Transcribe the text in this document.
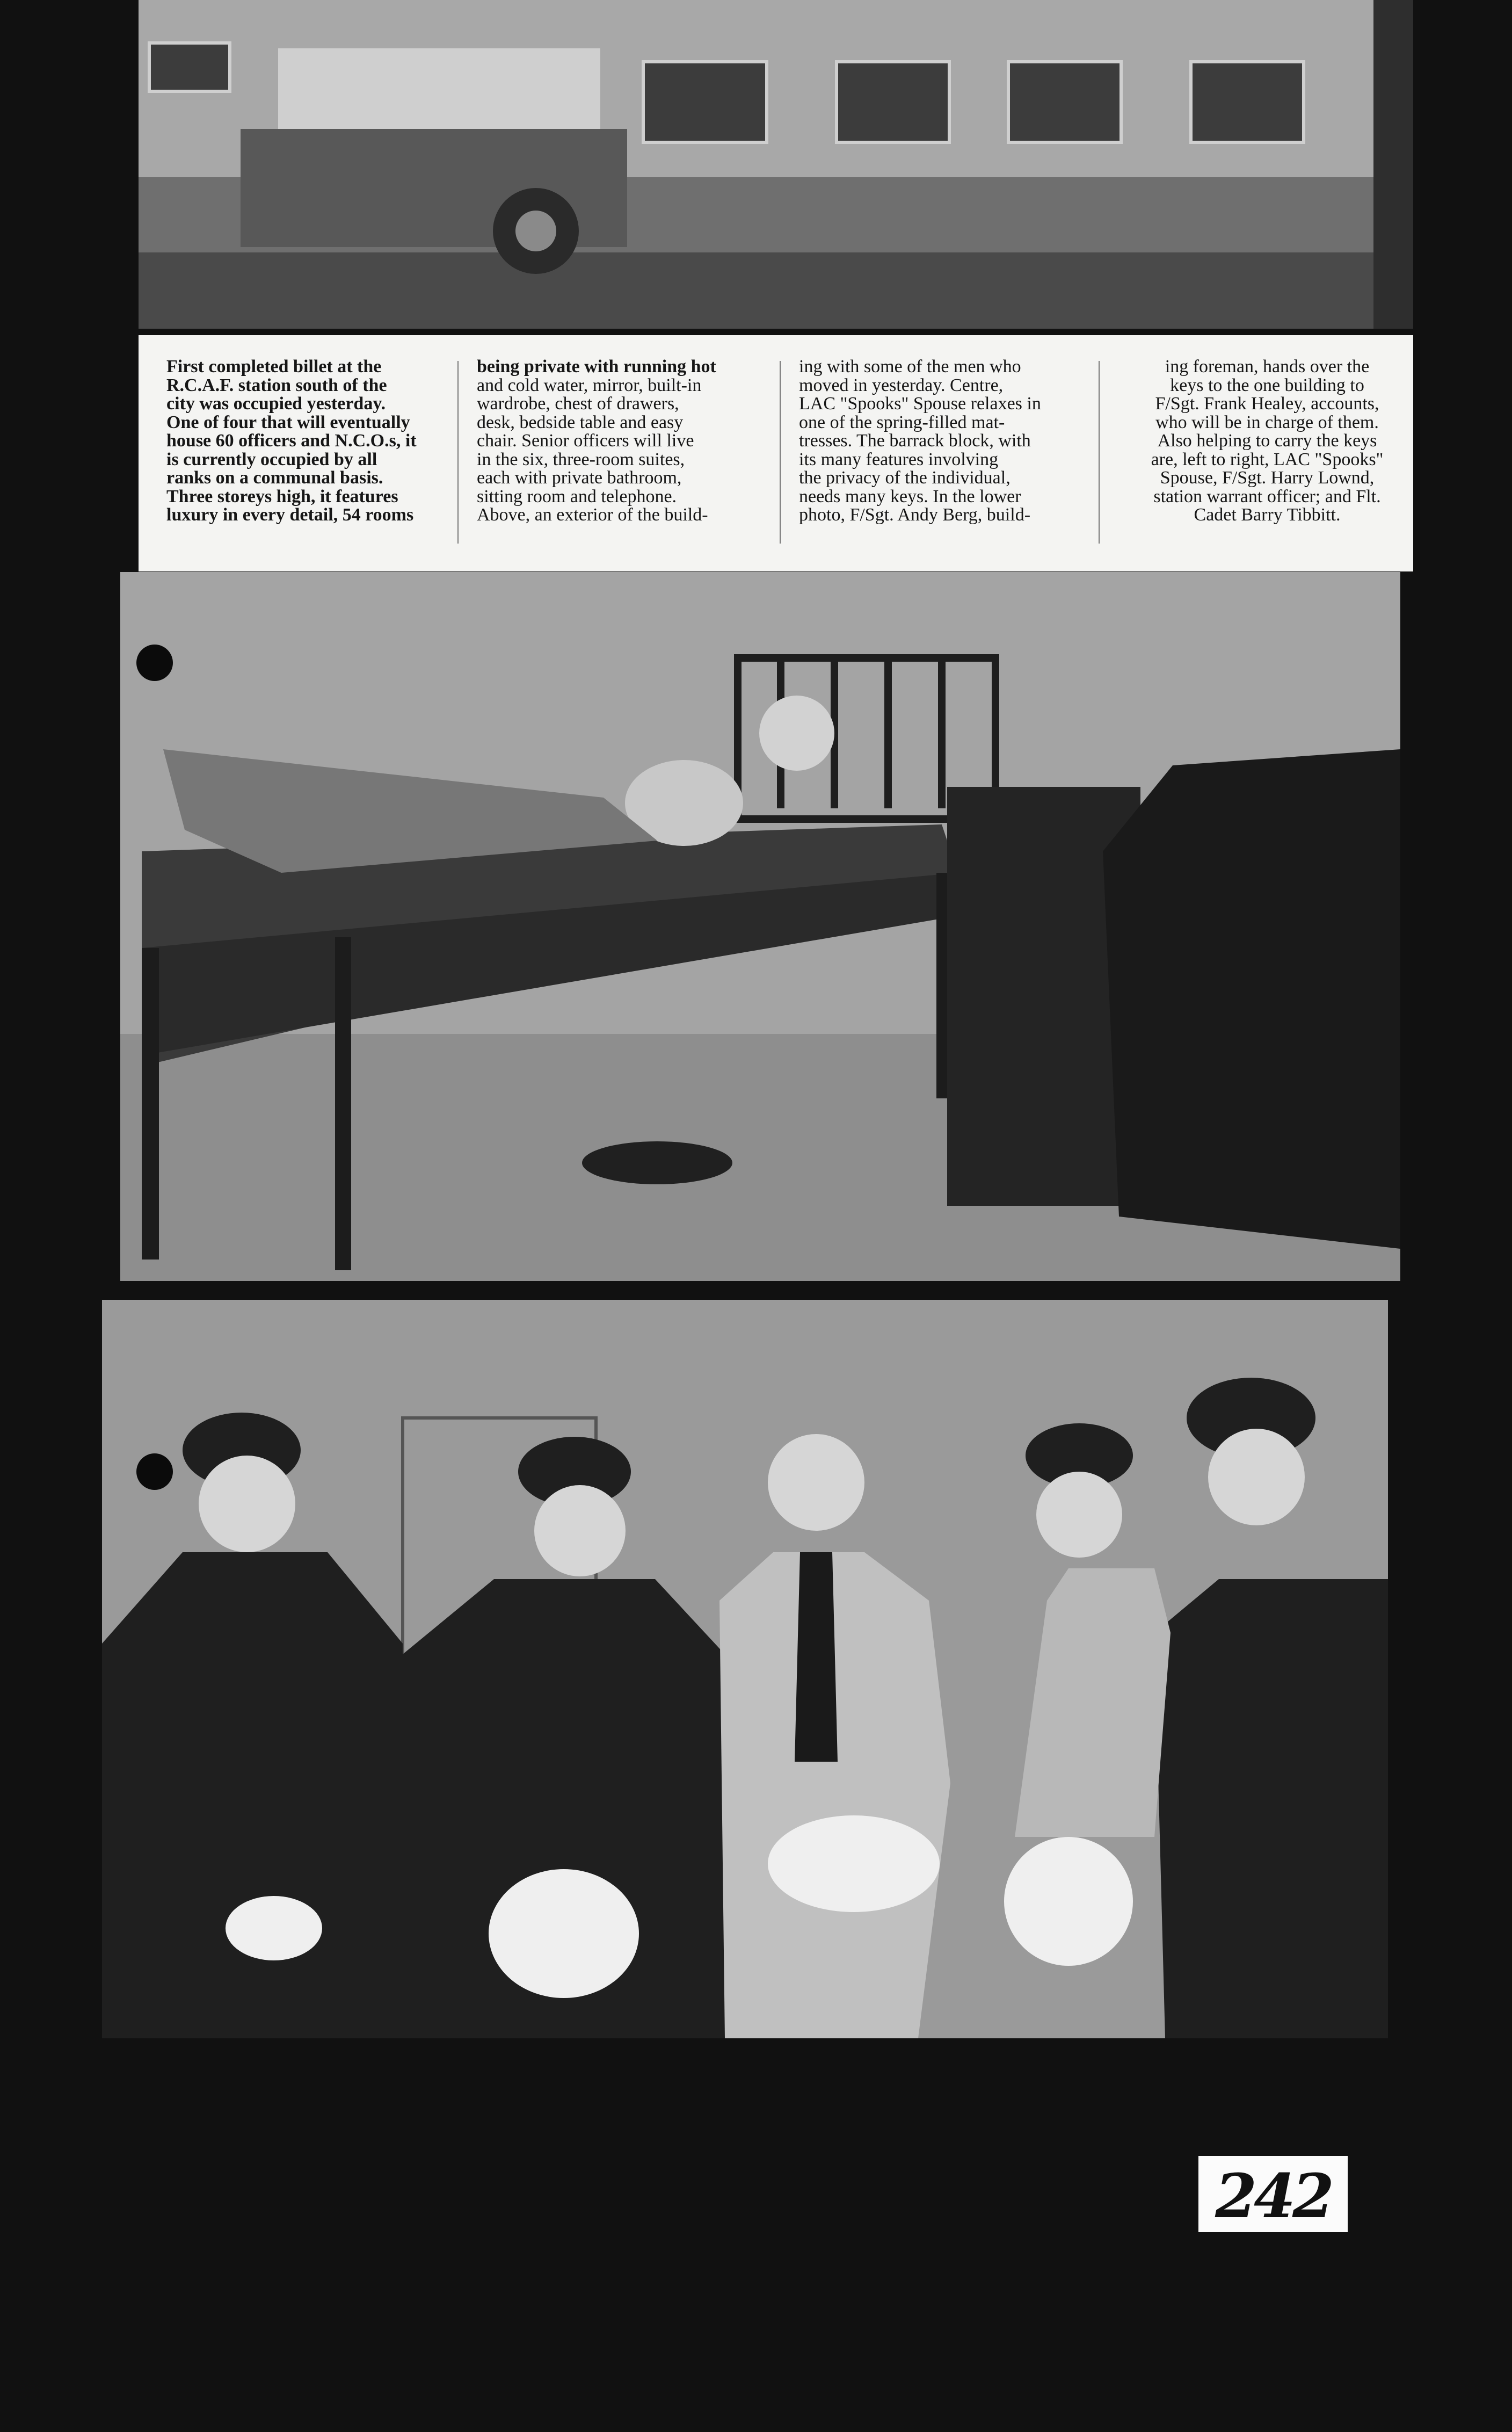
First completed billet at the
R.C.A.F. station south of the
city was occupied yesterday.
One of four that will eventually
house 60 officers and N.C.O.s, it
is currently occupied by all
ranks on a communal basis.
Three storeys high, it features
luxury in every detail, 54 rooms
being private with running hot
and cold water, mirror, built-in
wardrobe, chest of drawers,
desk, bedside table and easy
chair. Senior officers will live
in the six, three-room suites,
each with private bathroom,
sitting room and telephone.
Above, an exterior of the build-
ing with some of the men who
moved in yesterday. Centre,
LAC "Spooks" Spouse relaxes in
one of the spring-filled mat-
tresses. The barrack block, with
its many features involving
the privacy of the individual,
needs many keys. In the lower
photo, F/Sgt. Andy Berg, build-
ing foreman, hands over the
keys to the one building to
F/Sgt. Frank Healey, accounts,
who will be in charge of them.
Also helping to carry the keys
are, left to right, LAC "Spooks"
Spouse, F/Sgt. Harry Lownd,
station warrant officer; and Flt.
Cadet Barry Tibbitt.
242
